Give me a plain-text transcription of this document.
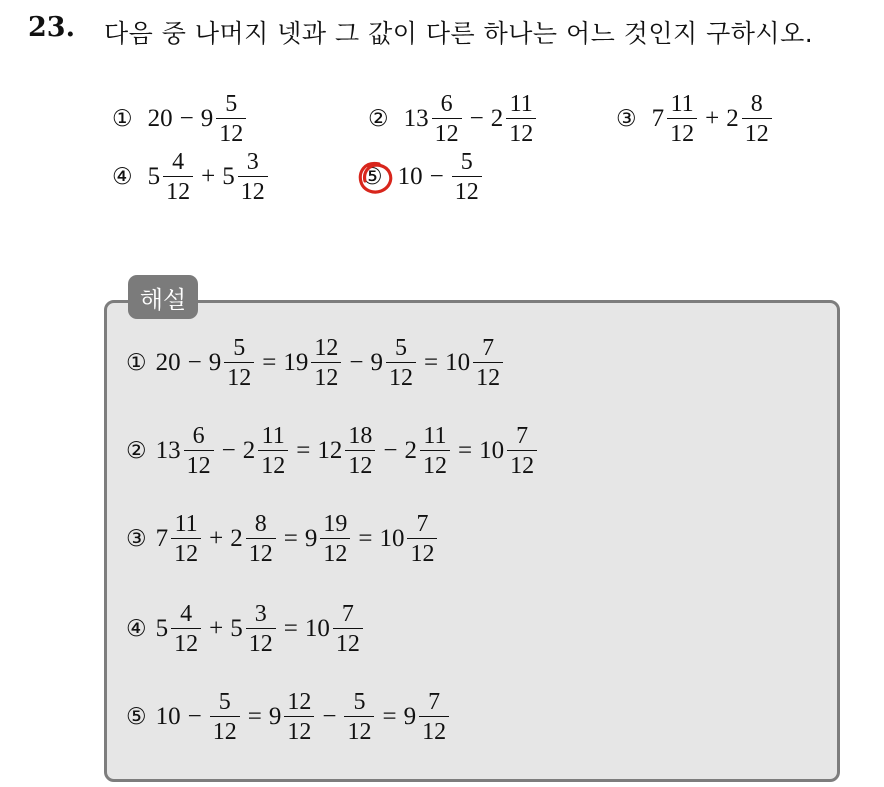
23. 다음 중 나머지 넷과 그 값이 다른 하나는 어느 것인지 구하시오.
① $20 - 9 \frac{5}{12}$	② $13 \frac{6}{12} - 2 \frac{11}{12}$	③ $7 \frac{11}{12} + 2 \frac{8}{12}$
④ $5 \frac{4}{12} + 5 \frac{3}{12}$	⑤ $10 - \frac{5}{12}$
해설
① $20 - 9 \frac{5}{12} = 19 \frac{12}{12} - 9 \frac{5}{12} = 10 \frac{7}{12}$
② $13 \frac{6}{12} - 2 \frac{11}{12} = 12 \frac{18}{12} - 2 \frac{11}{12} = 10 \frac{7}{12}$
③ $7 \frac{11}{12} + 2 \frac{8}{12} = 9 \frac{19}{12} = 10 \frac{7}{12}$
④ $5 \frac{4}{12} + 5 \frac{3}{12} = 10 \frac{7}{12}$
⑤ $10 - \frac{5}{12} = 9 \frac{12}{12} - \frac{5}{12} = 9 \frac{7}{12}$
